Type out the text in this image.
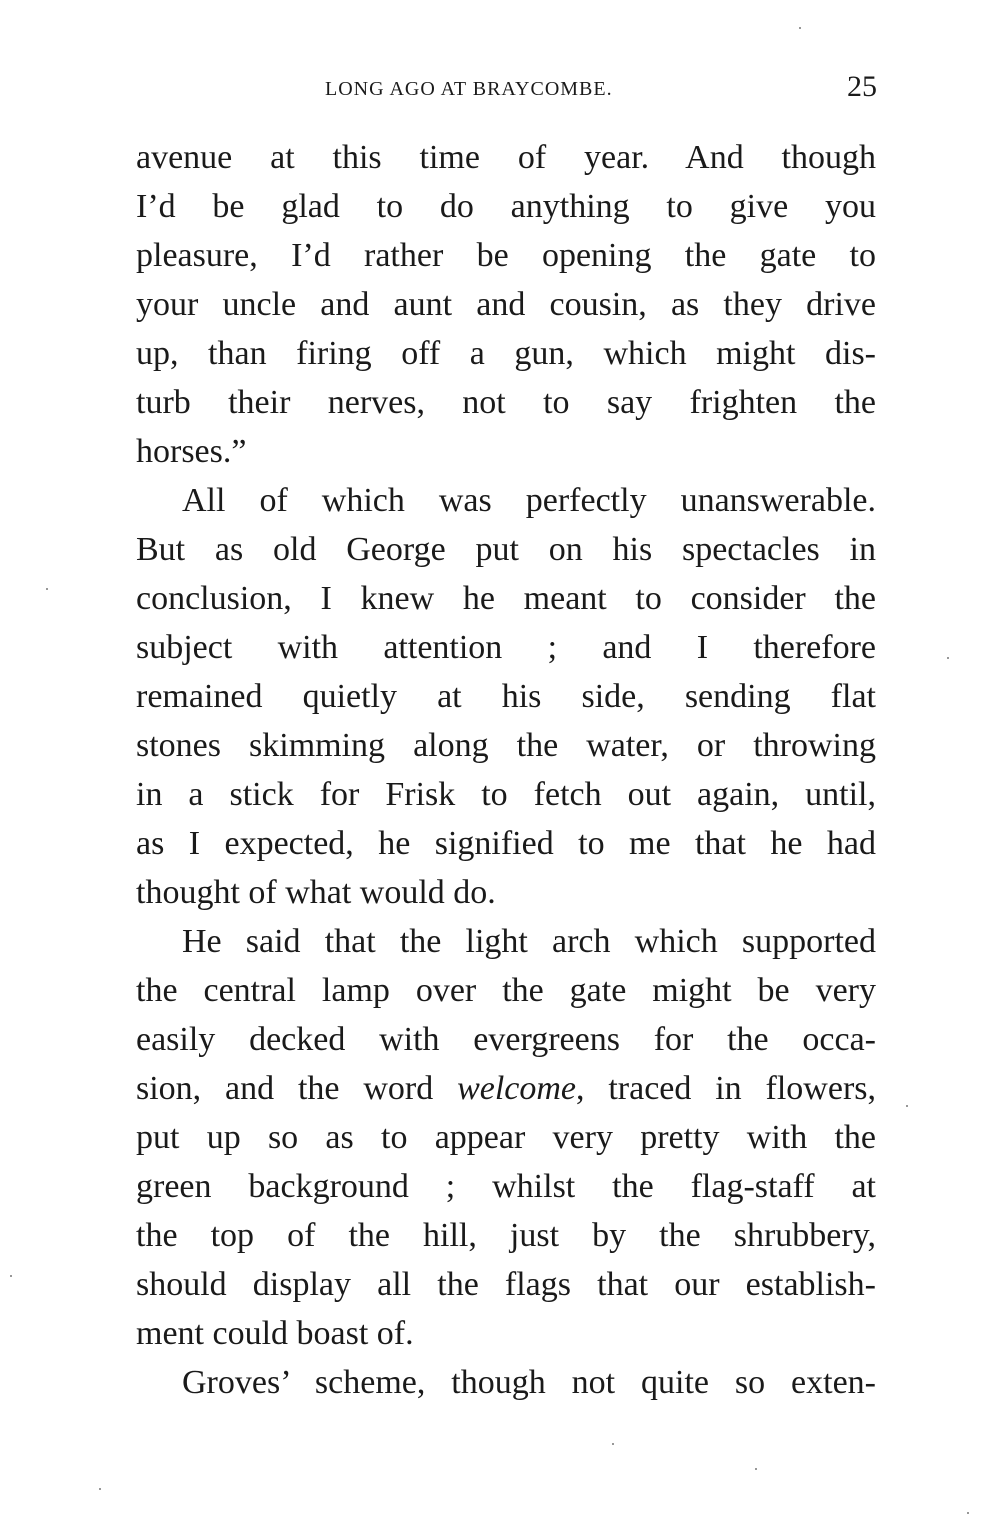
LONG AGO AT BRAYCOMBE.	25
avenue at this time of year. And though
I’d be glad to do anything to give you
pleasure, I’d rather be opening the gate to
your uncle and aunt and cousin, as they drive
up, than firing off a gun, which might dis-
turb their nerves, not to say frighten the
horses.”
All of which was perfectly unanswerable.
But as old George put on his spectacles in
conclusion, I knew he meant to consider the
subject with attention ; and I therefore
remained quietly at his side, sending flat
stones skimming along the water, or throwing
in a stick for Frisk to fetch out again, until,
as I expected, he signified to me that he had
thought of what would do.
He said that the light arch which supported
the central lamp over the gate might be very
easily decked with evergreens for the occa-
sion, and the word welcome, traced in flowers,
put up so as to appear very pretty with the
green background ; whilst the flag-staff at
the top of the hill, just by the shrubbery,
should display all the flags that our establish-
ment could boast of.
Groves’ scheme, though not quite so exten-
